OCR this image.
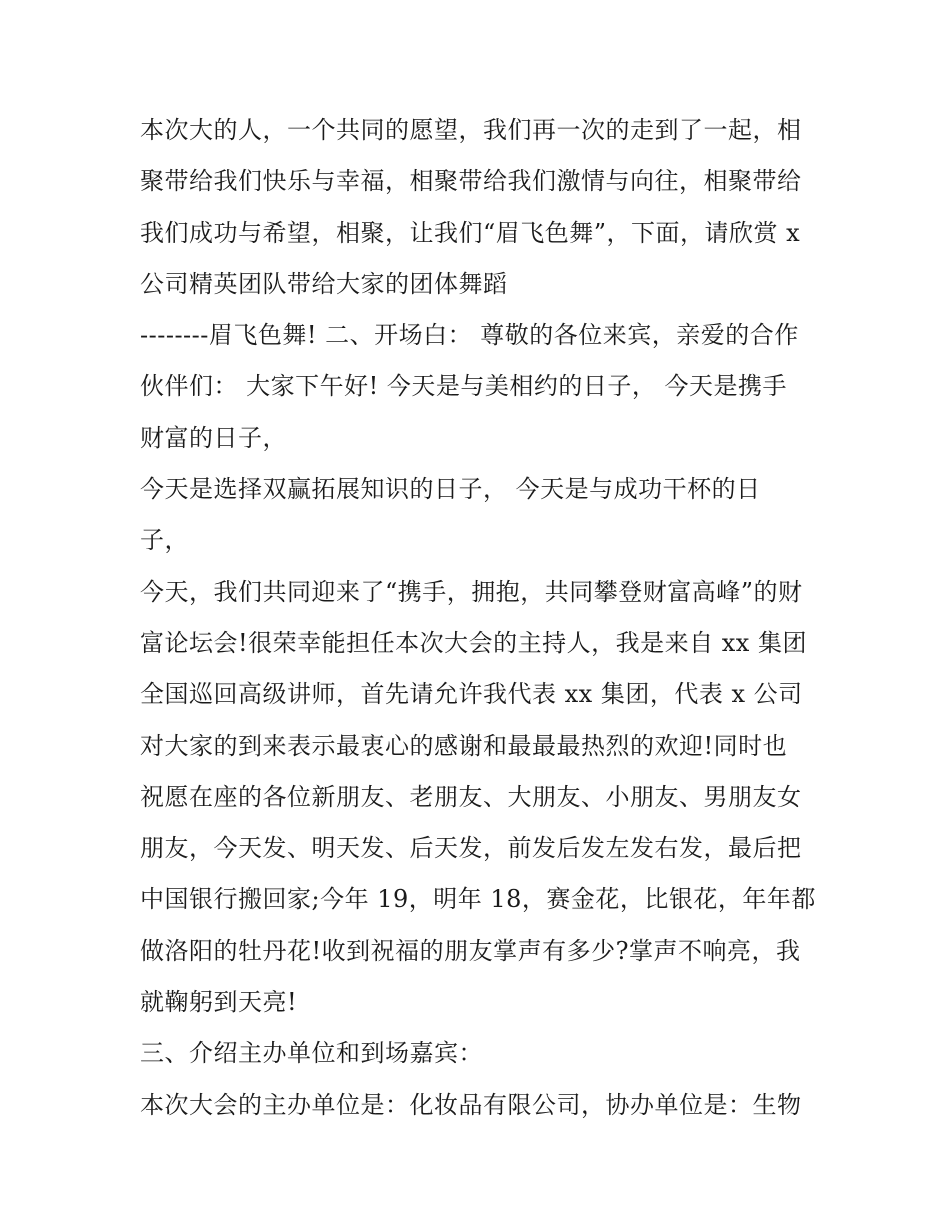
本次大的人，一个共同的愿望，我们再一次的走到了一起，相
聚带给我们快乐与幸福，相聚带给我们激情与向往，相聚带给
我们成功与希望，相聚，让我们“眉飞色舞”，下面，请欣赏 x
公司精英团队带给大家的团体舞蹈
--------眉飞色舞! 二、开场白： 尊敬的各位来宾，亲爱的合作
伙伴们： 大家下午好! 今天是与美相约的日子， 今天是携手
财富的日子，
今天是选择双赢拓展知识的日子， 今天是与成功干杯的日
子，
今天，我们共同迎来了“携手，拥抱，共同攀登财富高峰”的财
富论坛会!很荣幸能担任本次大会的主持人，我是来自 xx 集团
全国巡回高级讲师，首先请允许我代表 xx 集团，代表 x 公司
对大家的到来表示最衷心的感谢和最最最热烈的欢迎!同时也
祝愿在座的各位新朋友、老朋友、大朋友、小朋友、男朋友女
朋友，今天发、明天发、后天发，前发后发左发右发，最后把
中国银行搬回家;今年 19，明年 18，赛金花，比银花，年年都
做洛阳的牡丹花!收到祝福的朋友掌声有多少?掌声不响亮，我
就鞠躬到天亮!
三、介绍主办单位和到场嘉宾：
本次大会的主办单位是：化妆品有限公司，协办单位是：生物
